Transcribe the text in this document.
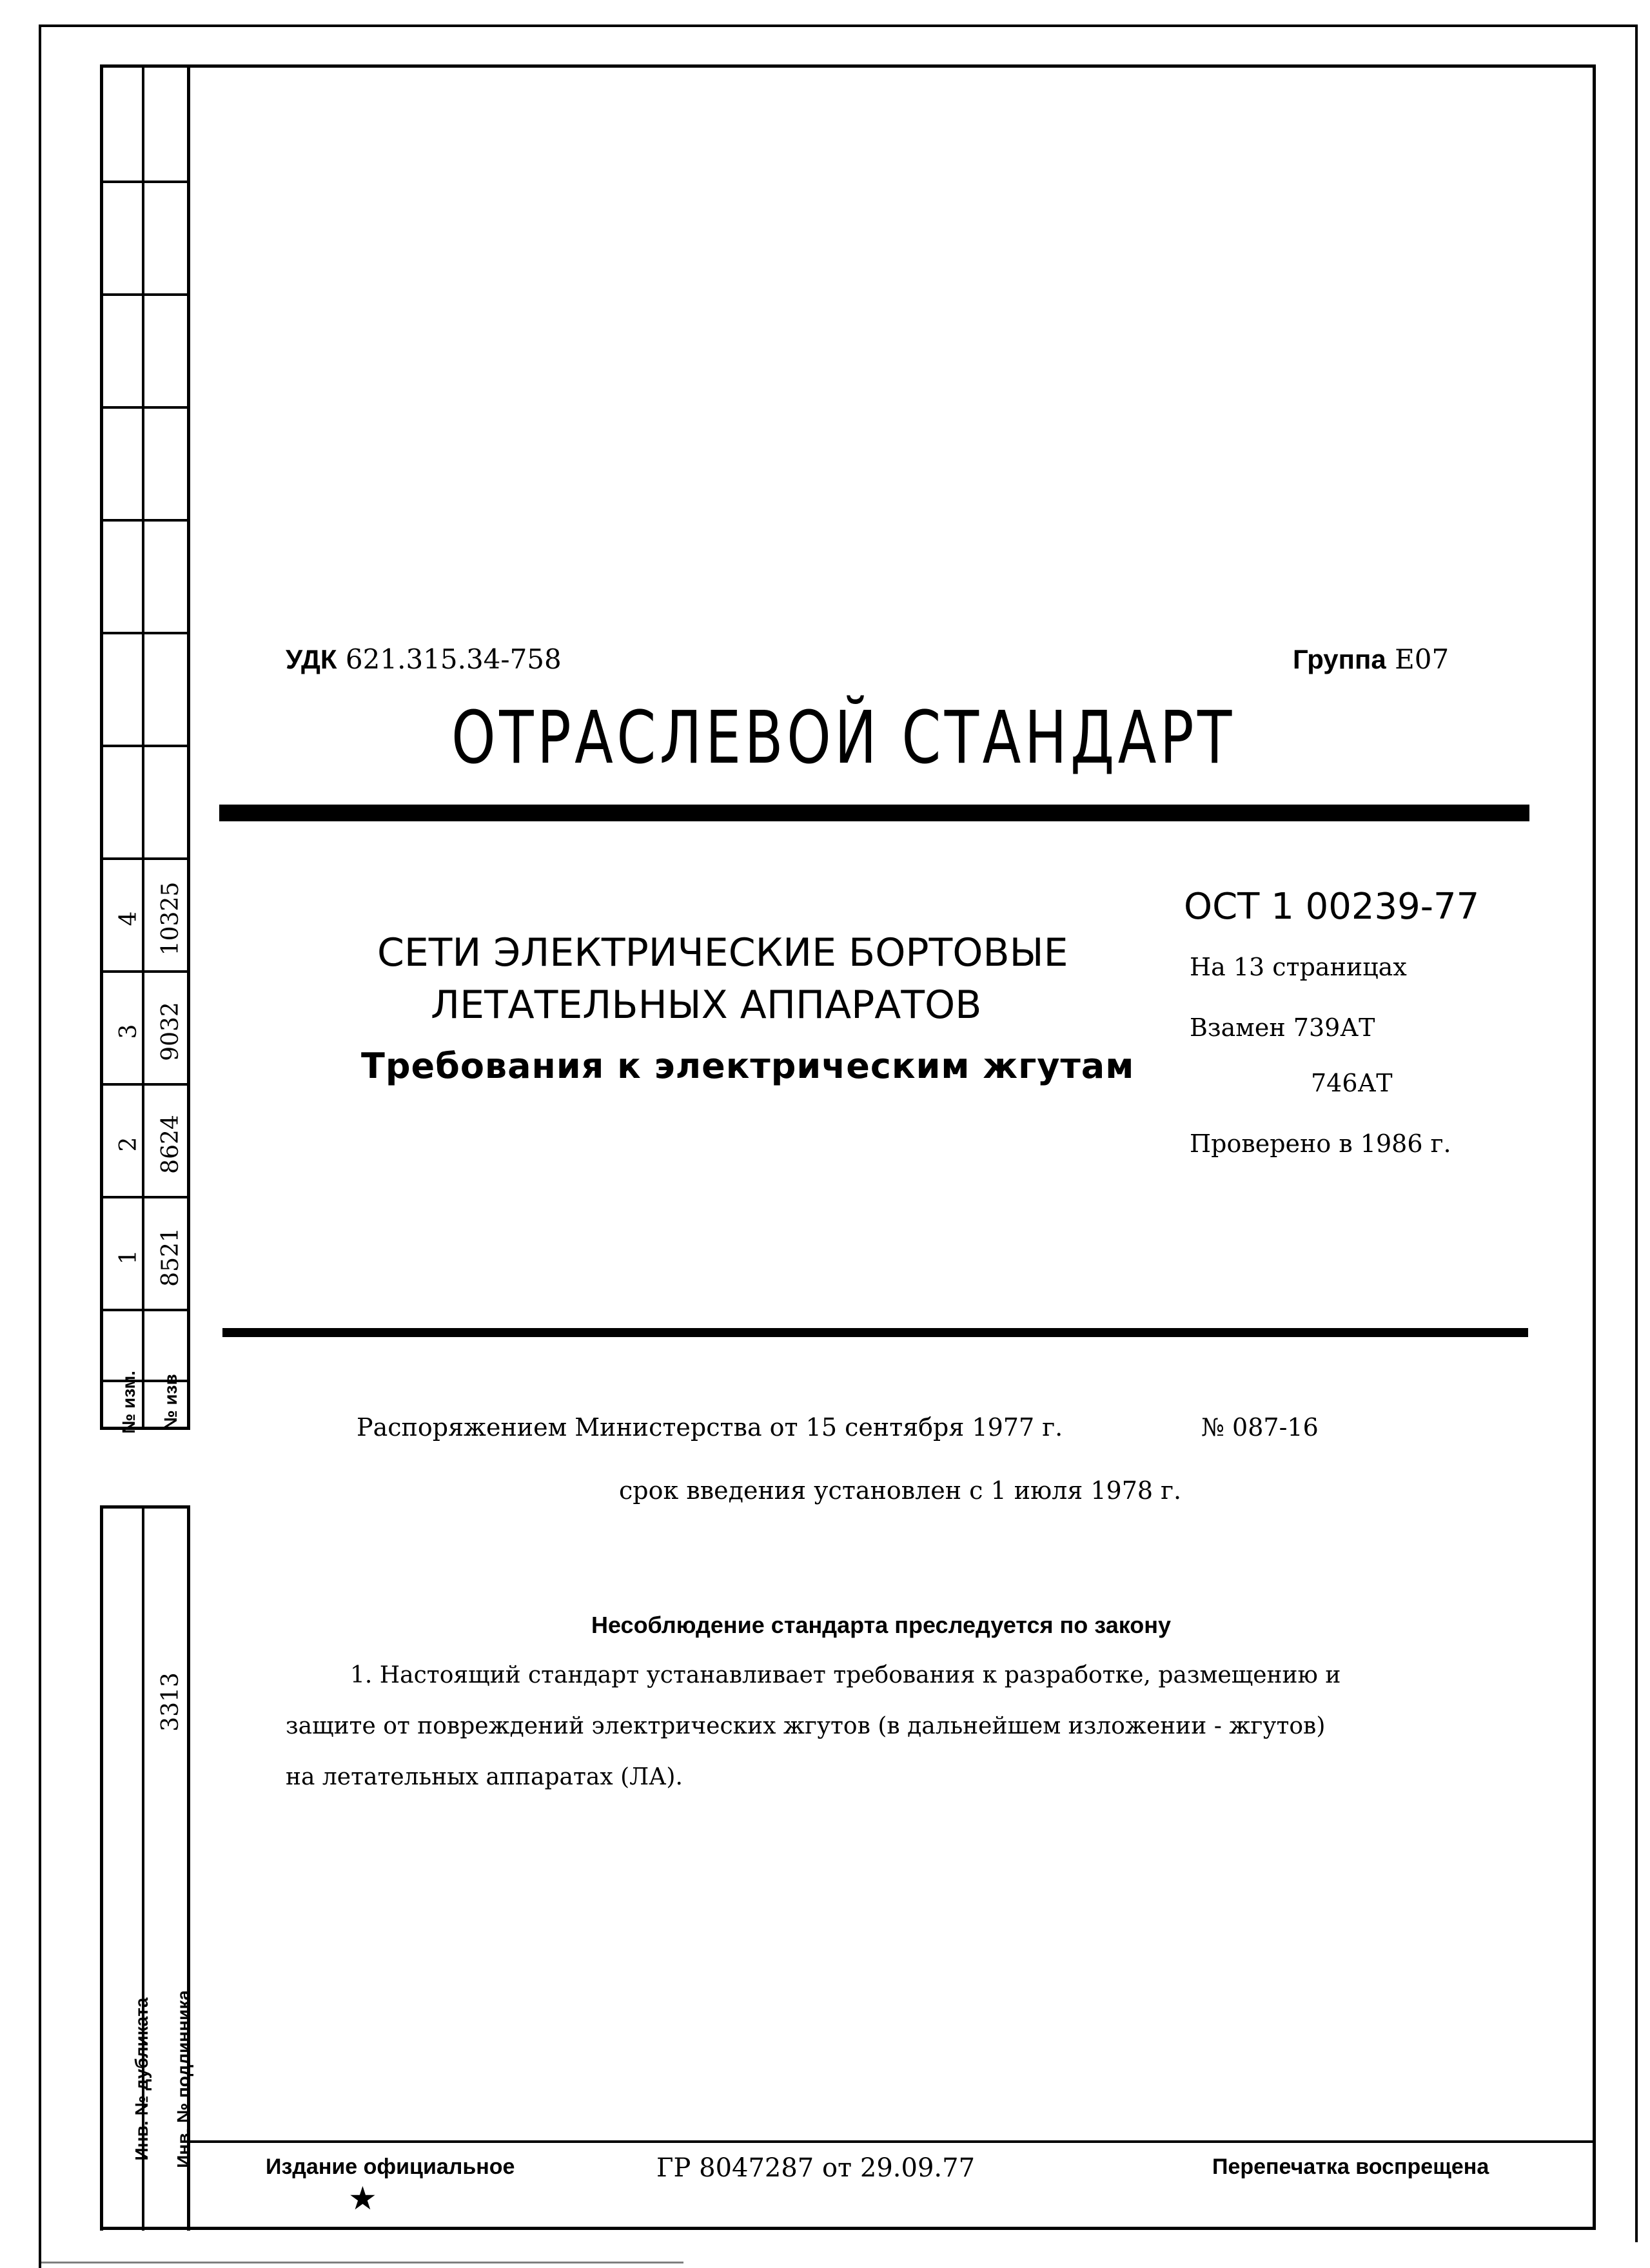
4 10325
3 9032
2 8624
1 8521
№ изм. № изв
3313
Инв. № дубликата Инв. № подлинника
УДК 621.315.34-758	Группа Е07
ОТРАСЛЕВОЙ СТАНДАРТ
СЕТИ ЭЛЕКТРИЧЕСКИЕ БОРТОВЫЕ
ЛЕТАТЕЛЬНЫХ АППАРАТОВ
Требования к электрическим жгутам
ОСТ 1 00239-77
На 13 страницах
Взамен 739АТ
746АТ
Проверено в 1986 г.
Распоряжением Министерства от 15 сентября 1977 г.	№ 087-16
срок введения установлен с 1 июля 1978 г.
Несоблюдение стандарта преследуется по закону
1. Настоящий стандарт устанавливает требования к разработке, размещению и
защите от повреждений электрических жгутов (в дальнейшем изложении - жгутов)
на летательных аппаратах (ЛА).
Издание официальное
★
ГР 8047287 от 29.09.77	Перепечатка воспрещена
